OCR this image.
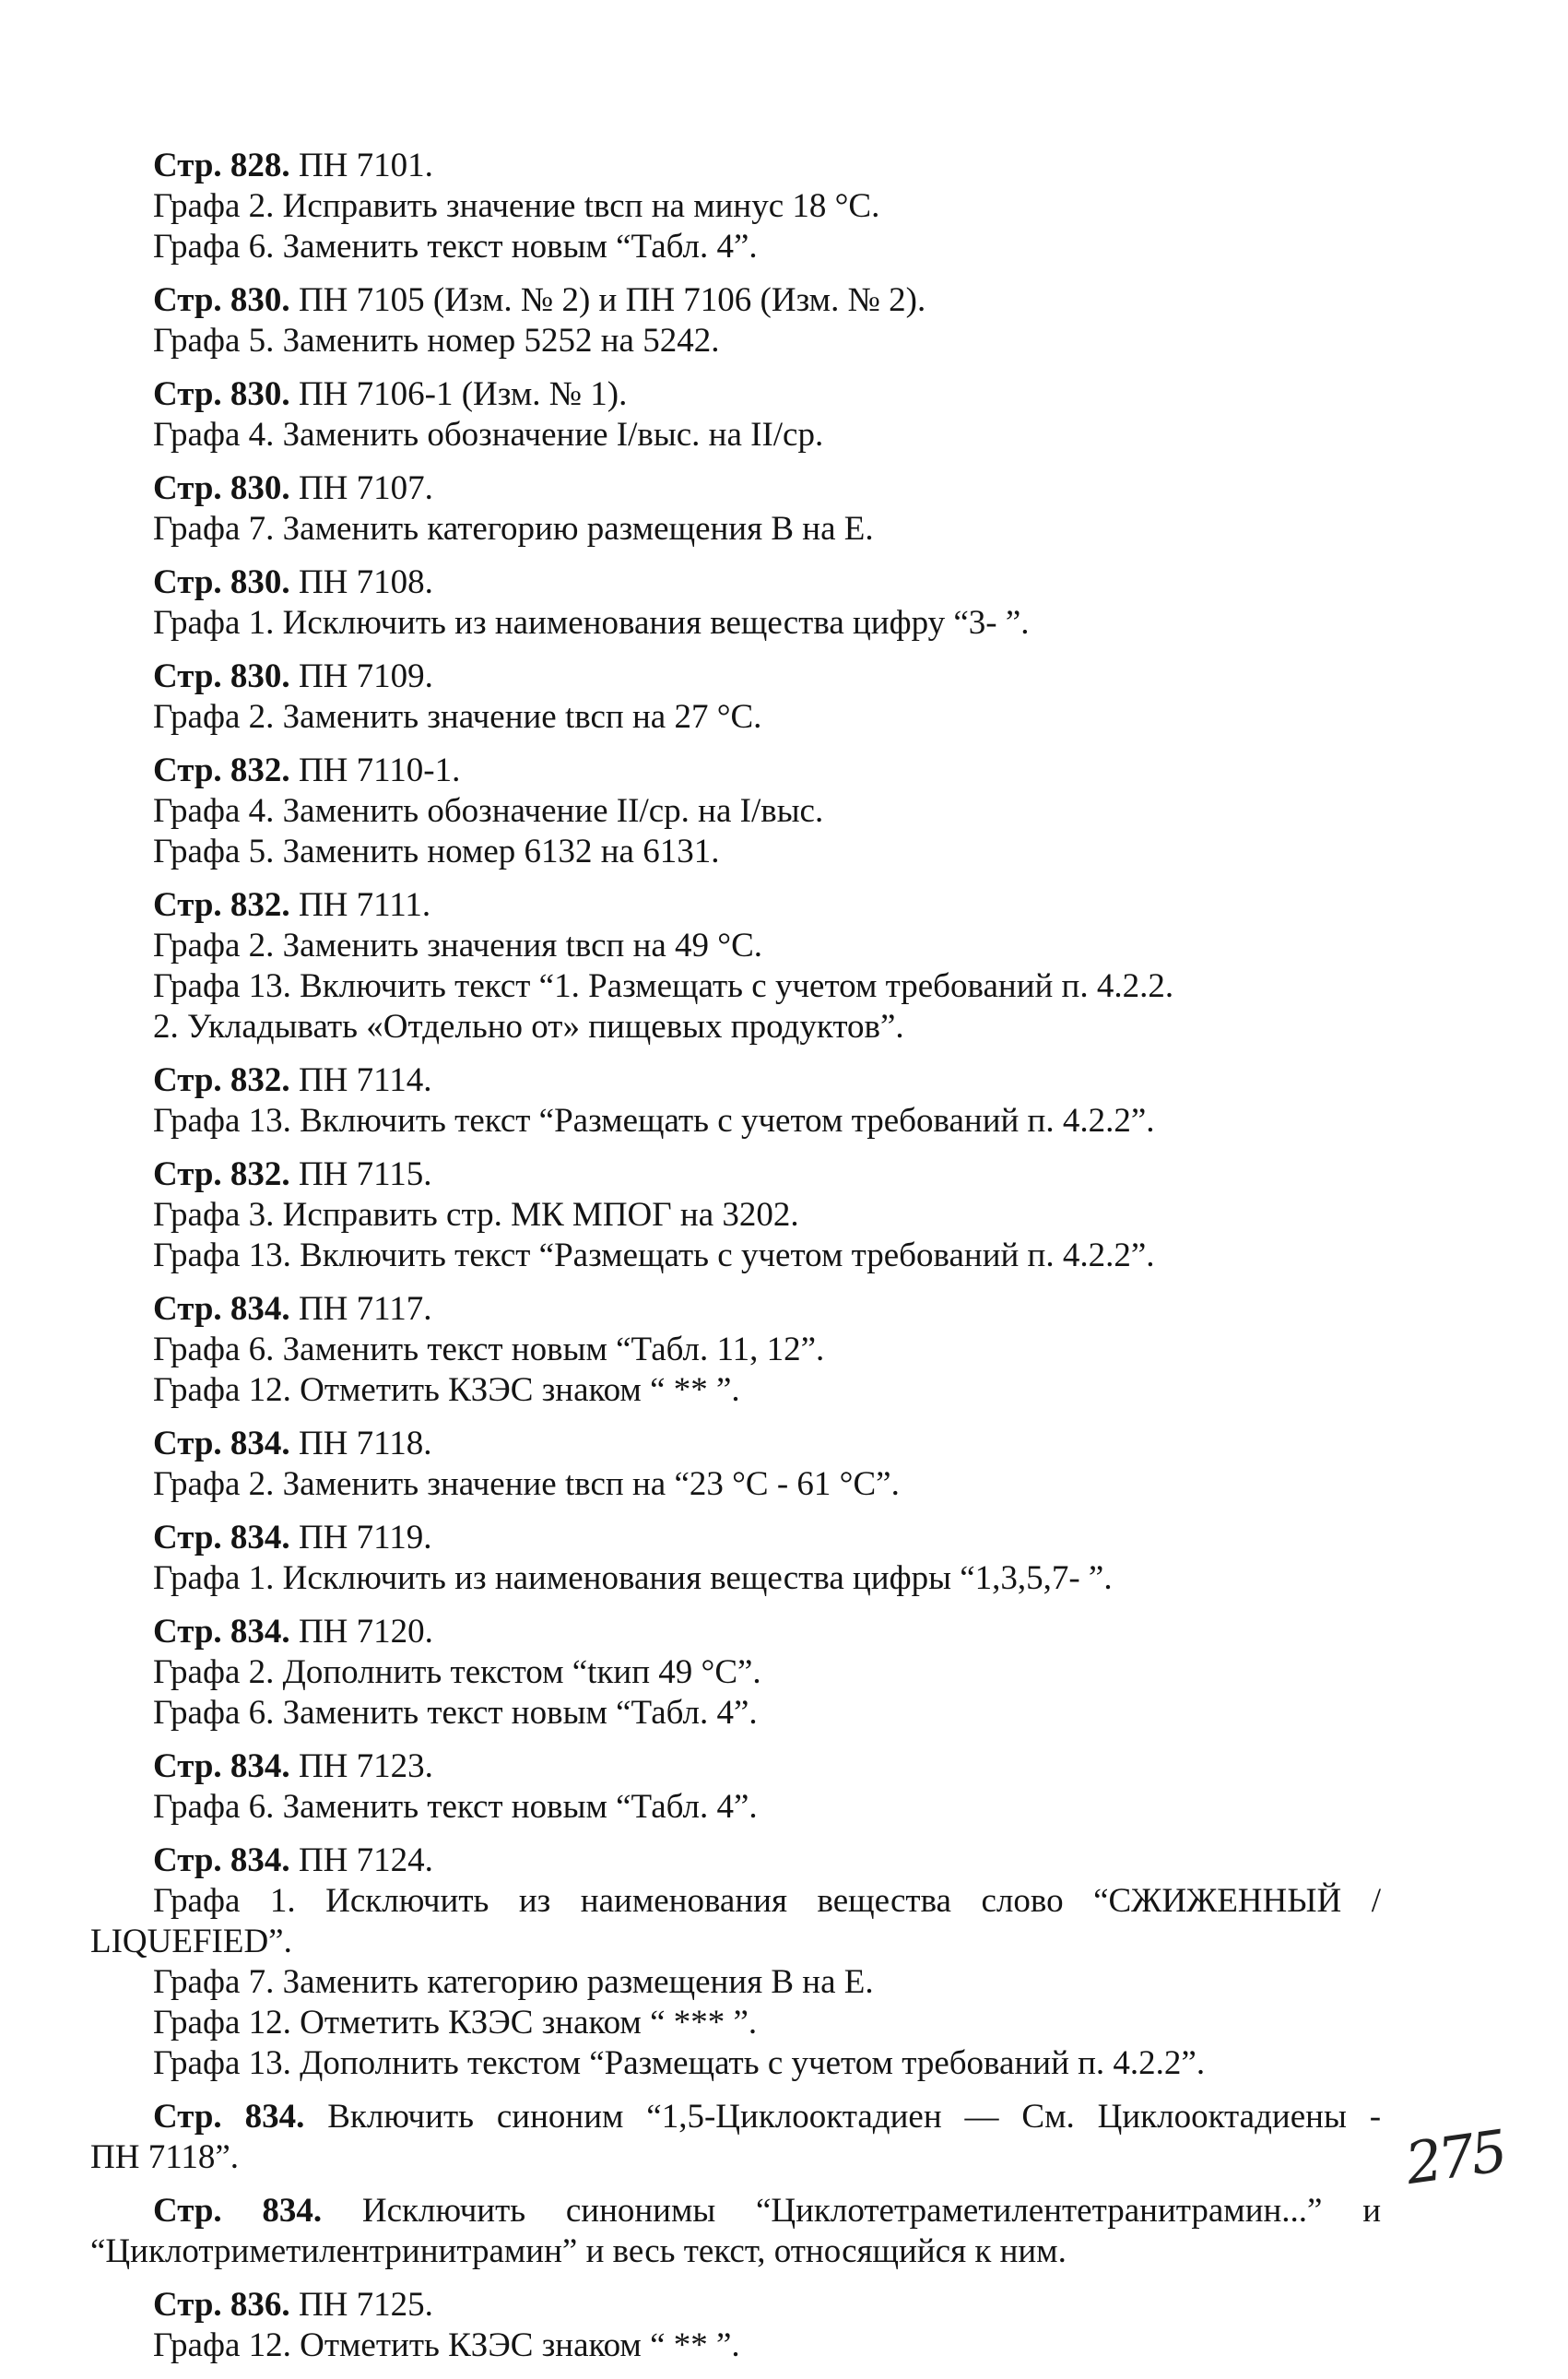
Стр. 828. ПН 7101.
Графа 2. Исправить значение tвсп на минус 18 °С.
Графа 6. Заменить текст новым “Табл. 4”.
Стр. 830. ПН 7105 (Изм. № 2) и ПН 7106 (Изм. № 2).
Графа 5. Заменить номер 5252 на 5242.
Стр. 830. ПН 7106-1 (Изм. № 1).
Графа 4. Заменить обозначение I/выс. на II/ср.
Стр. 830. ПН 7107.
Графа 7. Заменить категорию размещения В на Е.
Стр. 830. ПН 7108.
Графа 1. Исключить из наименования вещества цифру “3- ”.
Стр. 830. ПН 7109.
Графа 2. Заменить значение tвсп на 27 °С.
Стр. 832. ПН 7110-1.
Графа 4. Заменить обозначение II/ср. на I/выс.
Графа 5. Заменить номер 6132 на 6131.
Стр. 832. ПН 7111.
Графа 2. Заменить значения tвсп на 49 °С.
Графа 13. Включить текст “1. Размещать с учетом требований п. 4.2.2.
2. Укладывать «Отдельно от» пищевых продуктов”.
Стр. 832. ПН 7114.
Графа 13. Включить текст “Размещать с учетом требований п. 4.2.2”.
Стр. 832. ПН 7115.
Графа 3. Исправить стр. МК МПОГ на 3202.
Графа 13. Включить текст “Размещать с учетом требований п. 4.2.2”.
Стр. 834. ПН 7117.
Графа 6. Заменить текст новым “Табл. 11, 12”.
Графа 12. Отметить КЗЭС знаком “ ** ”.
Стр. 834. ПН 7118.
Графа 2. Заменить значение tвсп на “23 °С - 61 °С”.
Стр. 834. ПН 7119.
Графа 1. Исключить из наименования вещества цифры “1,3,5,7- ”.
Стр. 834. ПН 7120.
Графа 2. Дополнить текстом “tкип 49 °С”.
Графа 6. Заменить текст новым “Табл. 4”.
Стр. 834. ПН 7123.
Графа 6. Заменить текст новым “Табл. 4”.
Стр. 834. ПН 7124.
Графа 1. Исключить из наименования вещества слово “СЖИЖЕННЫЙ /
LIQUEFIED”.
Графа 7. Заменить категорию размещения В на Е.
Графа 12. Отметить КЗЭС знаком “ *** ”.
Графа 13. Дополнить текстом “Размещать с учетом требований п. 4.2.2”.
Стр. 834. Включить синоним “1,5-Циклооктадиен — См. Циклооктадиены -
ПН 7118”.
Стр. 834. Исключить синонимы “Циклотетраметилентетранитрамин...” и
“Циклотриметилентринитрамин” и весь текст, относящийся к ним.
Стр. 836. ПН 7125.
Графа 12. Отметить КЗЭС знаком “ ** ”.
275
